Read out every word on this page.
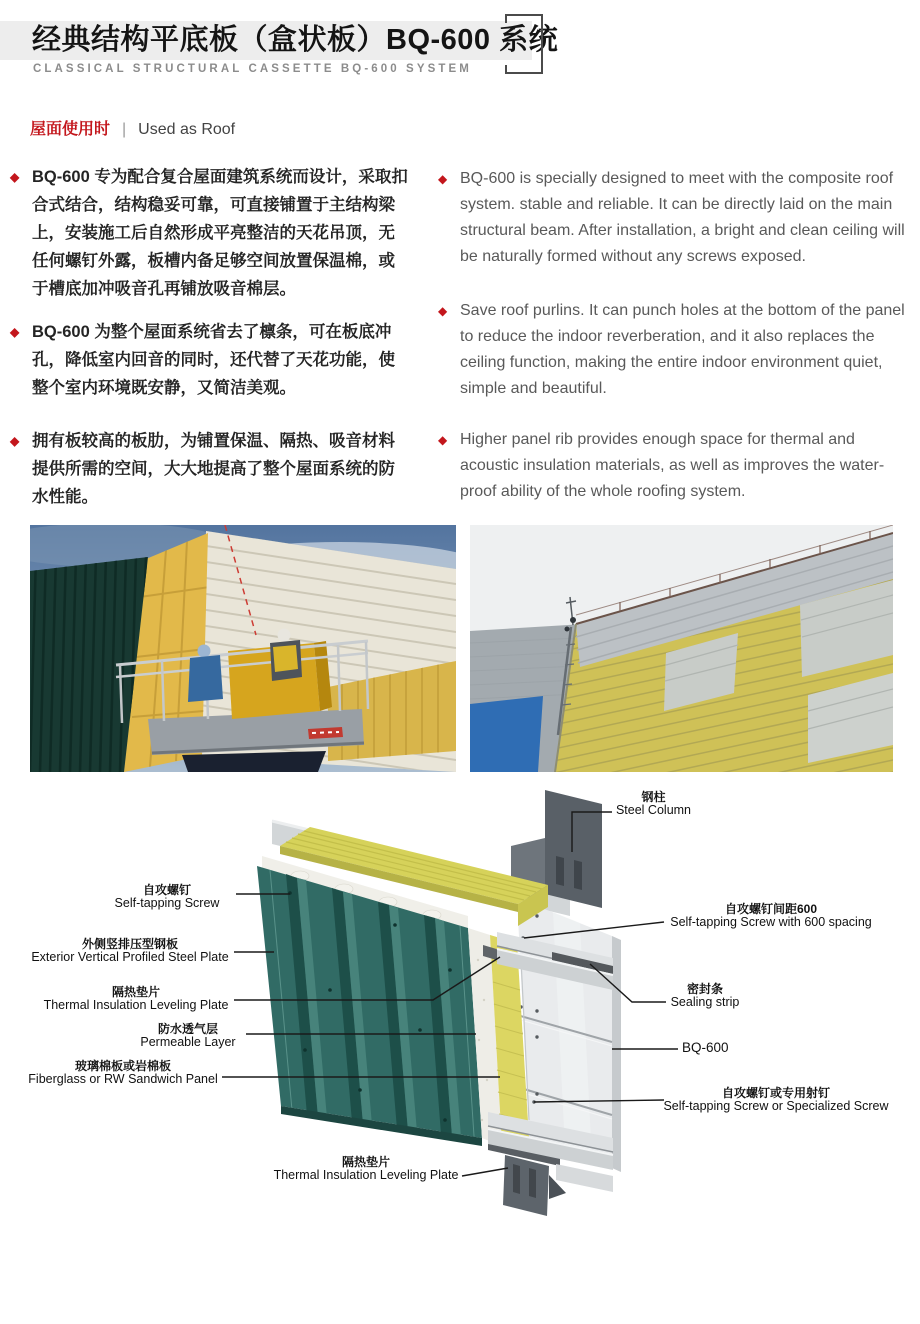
经典结构平底板（盒状板）BQ-600 系统
CLASSICAL STRUCTURAL CASSETTE BQ-600 SYSTEM
屋面使用时 | Used as Roof
◆ BQ-600 专为配合复合屋面建筑系统而设计，采取扣合式结合，结构稳妥可靠，可直接铺置于主结构梁上，安装施工后自然形成平亮整洁的天花吊顶，无任何螺钉外露，板槽内备足够空间放置保温棉，或于槽底加冲吸音孔再铺放吸音棉层。

◆ BQ-600 为整个屋面系统省去了檩条，可在板底冲孔，降低室内回音的同时，还代替了天花功能，使整个室内环境既安静，又简洁美观。

◆ 拥有板较高的板肋，为铺置保温、隔热、吸音材料提供所需的空间，大大地提高了整个屋面系统的防水性能。

◆ BQ-600 is specially designed to meet with the composite roof system. stable and reliable. It can be directly laid on the main structural beam. After installation, a bright and clean ceiling will be naturally formed without any screws exposed.

◆ Save roof purlins. It can punch holes at the bottom of the panel to reduce the indoor reverberation, and it also replaces the ceiling function, making the entire indoor environment quiet, simple and beautiful.

◆ Higher panel rib provides enough space for thermal and acoustic insulation materials, as well as improves the water-proof ability of the whole roofing system.

自攻螺钉
Self-tapping Screw
外侧竖排压型钢板
Exterior Vertical Profiled Steel Plate
隔热垫片
Thermal Insulation Leveling Plate
防水透气层
Permeable Layer
玻璃棉板或岩棉板
Fiberglass or RW Sandwich Panel
隔热垫片
Thermal Insulation Leveling Plate
钢柱
Steel Column
自攻螺钉间距600
Self-tapping Screw with 600 spacing
密封条
Sealing strip
BQ-600
自攻螺钉或专用射钉
Self-tapping Screw or Specialized Screw
